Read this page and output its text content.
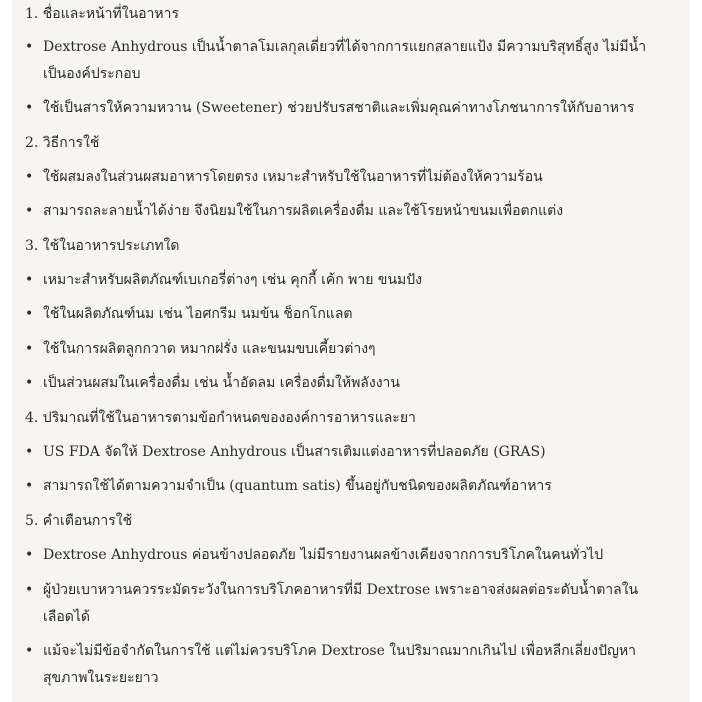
1. ชื่อและหน้าที่ในอาหาร
• Dextrose Anhydrous เป็นน้ำตาลโมเลกุลเดี่ยวที่ได้จากการแยกสลายแป้ง มีความบริสุทธิ์สูง ไม่มีน้ำเป็นองค์ประกอบ
• ใช้เป็นสารให้ความหวาน (Sweetener) ช่วยปรับรสชาติและเพิ่มคุณค่าทางโภชนาการให้กับอาหาร
2. วิธีการใช้
• ใช้ผสมลงในส่วนผสมอาหารโดยตรง เหมาะสำหรับใช้ในอาหารที่ไม่ต้องให้ความร้อน
• สามารถละลายน้ำได้ง่าย จึงนิยมใช้ในการผลิตเครื่องดื่ม และใช้โรยหน้าขนมเพื่อตกแต่ง
3. ใช้ในอาหารประเภทใด
• เหมาะสำหรับผลิตภัณฑ์เบเกอรี่ต่างๆ เช่น คุกกี้ เค้ก พาย ขนมปัง
• ใช้ในผลิตภัณฑ์นม เช่น ไอศกรีม นมข้น ช็อกโกแลต
• ใช้ในการผลิตลูกกวาด หมากฝรั่ง และขนมขบเคี้ยวต่างๆ
• เป็นส่วนผสมในเครื่องดื่ม เช่น น้ำอัดลม เครื่องดื่มให้พลังงาน
4. ปริมาณที่ใช้ในอาหารตามข้อกำหนดขององค์การอาหารและยา
• US FDA จัดให้ Dextrose Anhydrous เป็นสารเติมแต่งอาหารที่ปลอดภัย (GRAS)
• สามารถใช้ได้ตามความจำเป็น (quantum satis) ขึ้นอยู่กับชนิดของผลิตภัณฑ์อาหาร
5. คำเตือนการใช้
• Dextrose Anhydrous ค่อนข้างปลอดภัย ไม่มีรายงานผลข้างเคียงจากการบริโภคในคนทั่วไป
• ผู้ป่วยเบาหวานควรระมัดระวังในการบริโภคอาหารที่มี Dextrose เพราะอาจส่งผลต่อระดับน้ำตาลในเลือดได้
• แม้จะไม่มีข้อจำกัดในการใช้ แต่ไม่ควรบริโภค Dextrose ในปริมาณมากเกินไป เพื่อหลีกเลี่ยงปัญหาสุขภาพในระยะยาว
